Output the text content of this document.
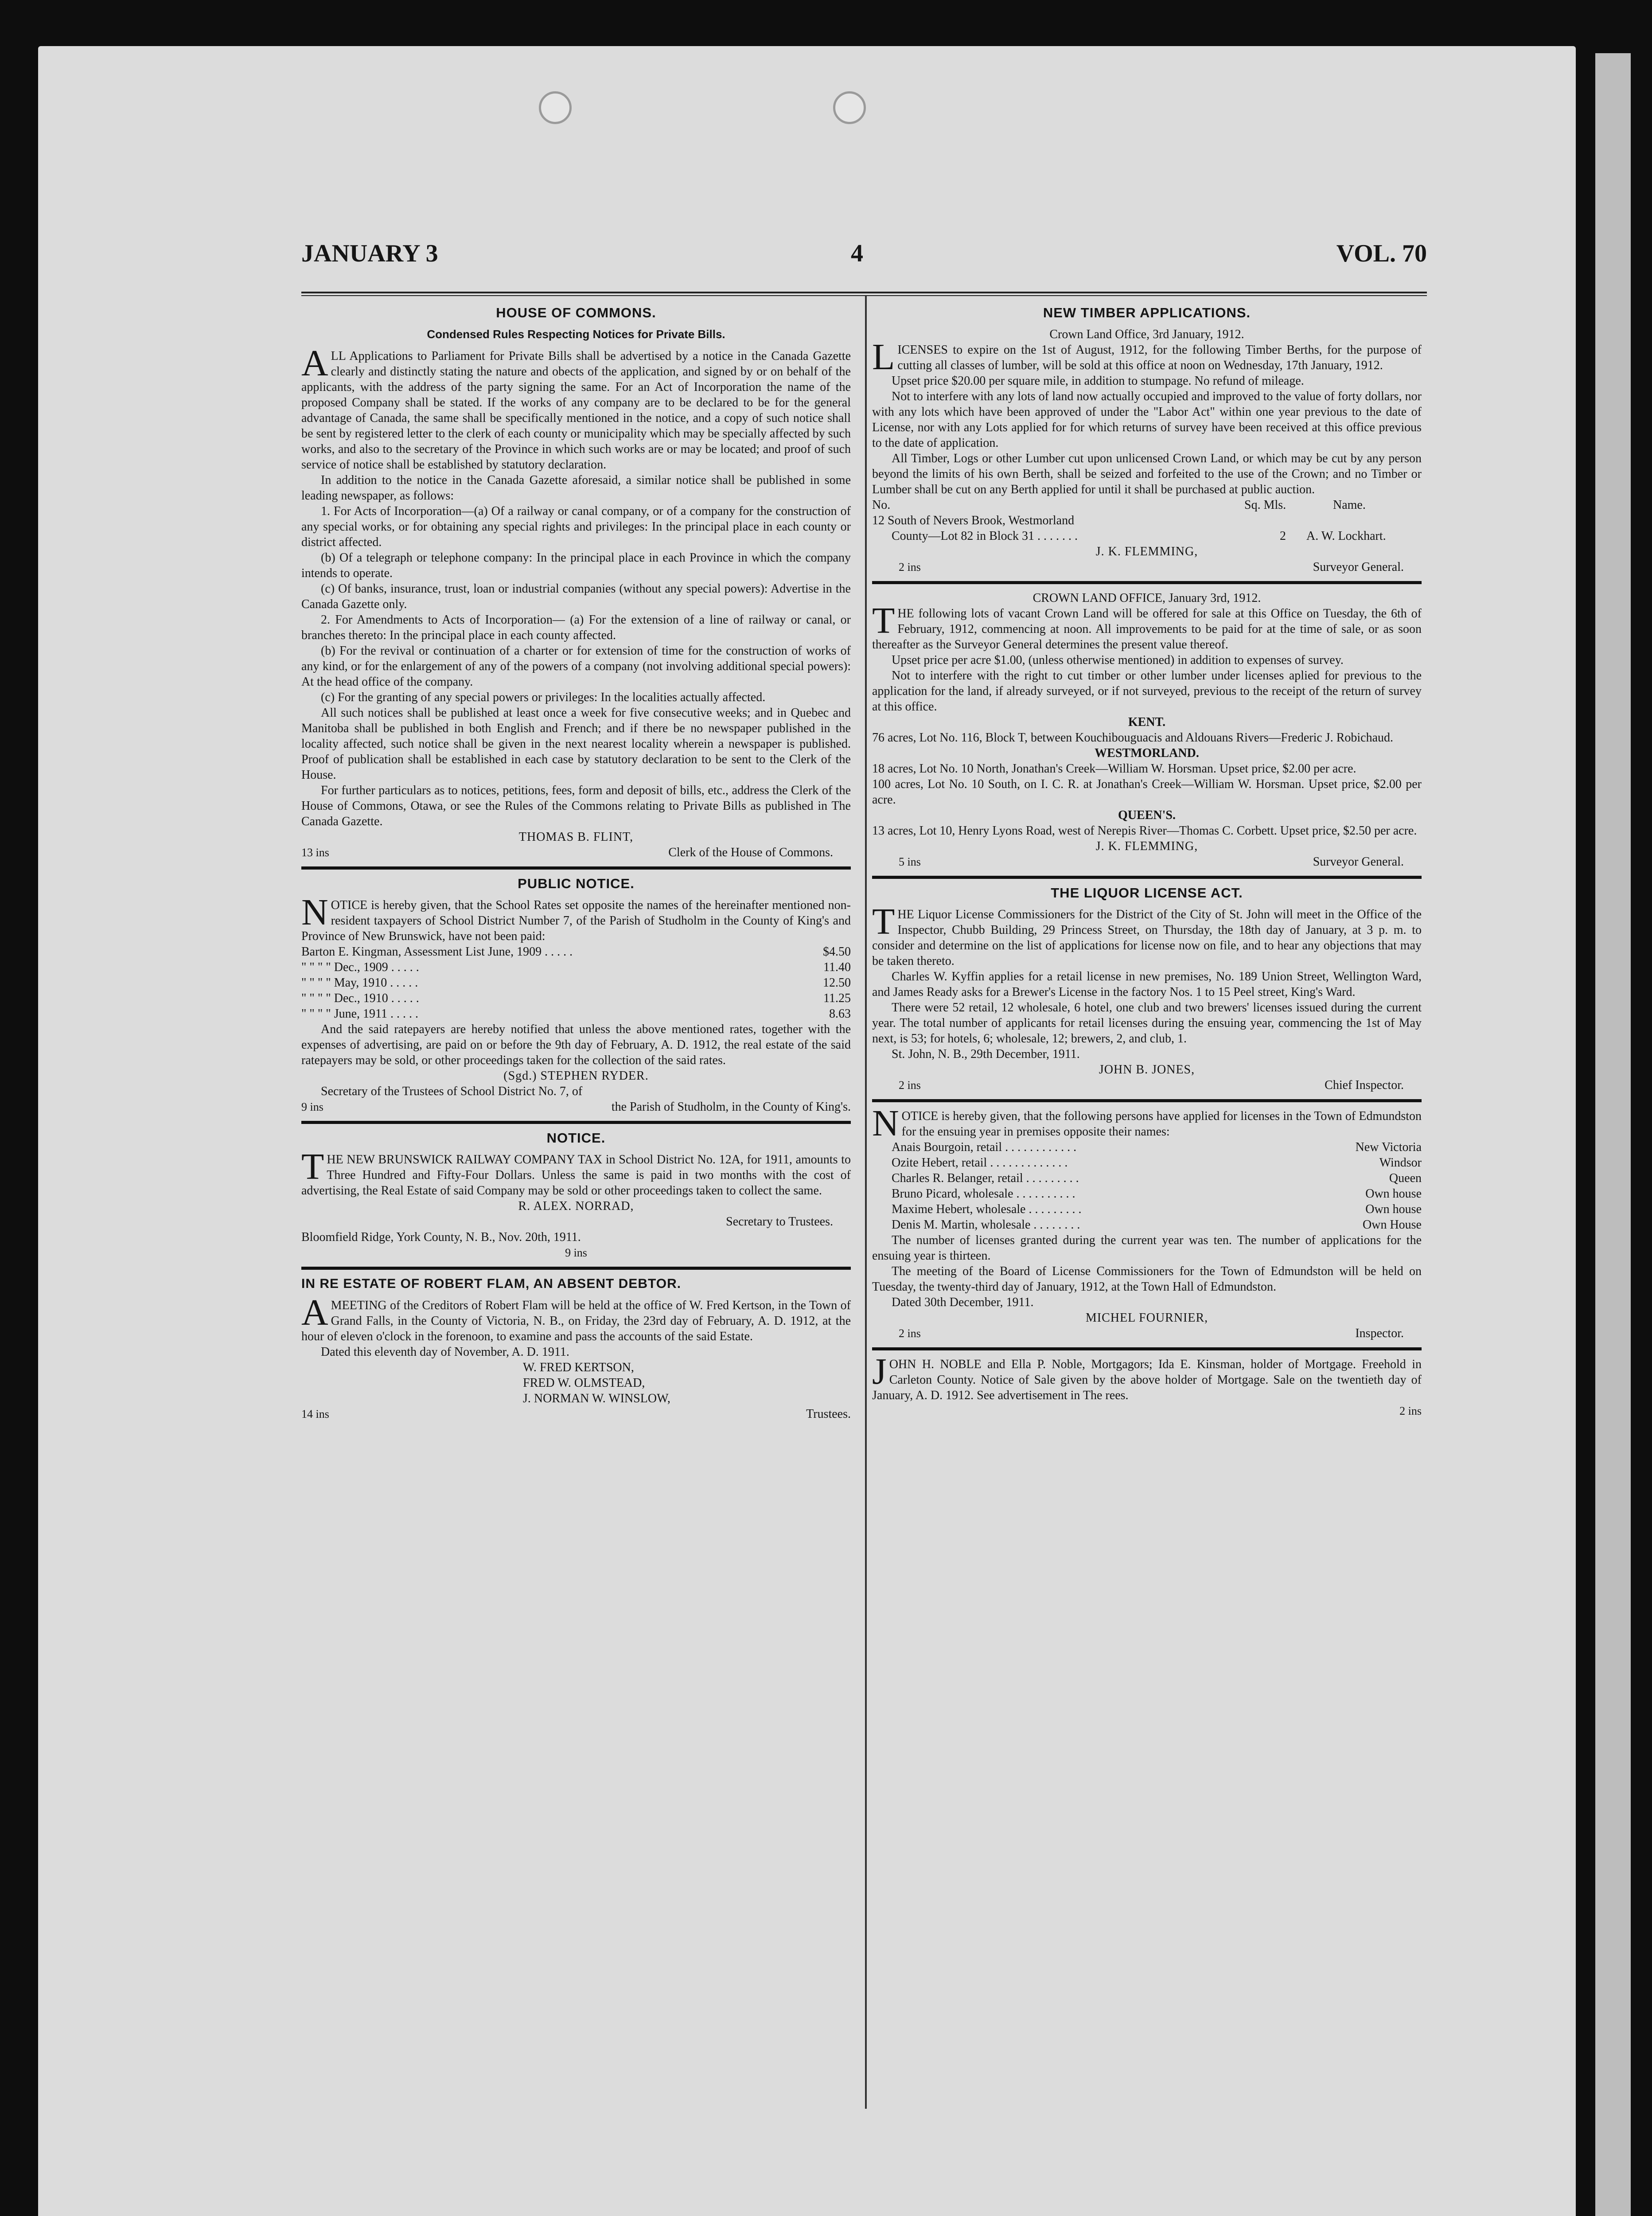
JANUARY 3	4	VOL. 70
HOUSE OF COMMONS.
Condensed Rules Respecting Notices for Private Bills.

ALL Applications to Parliament for Private Bills shall be advertised by a notice in the Canada Gazette clearly and distinctly stating the nature and obects of the application, and signed by or on behalf of the applicants, with the address of the party signing the same. For an Act of Incorporation the name of the proposed Company shall be stated. If the works of any company are to be declared to be for the general advantage of Canada, the same shall be specifically mentioned in the notice, and a copy of such notice shall be sent by registered letter to the clerk of each county or municipality which may be specially affected by such works, and also to the secretary of the Province in which such works are or may be located; and proof of such service of notice shall be established by statutory declaration.

In addition to the notice in the Canada Gazette aforesaid, a similar notice shall be published in some leading newspaper, as follows:

1. For Acts of Incorporation—(a) Of a railway or canal company, or of a company for the construction of any special works, or for obtaining any special rights and privileges: In the principal place in each county or district affected.

(b) Of a telegraph or telephone company: In the principal place in each Province in which the company intends to operate.

(c) Of banks, insurance, trust, loan or industrial companies (without any special powers): Advertise in the Canada Gazette only.

2. For Amendments to Acts of Incorporation— (a) For the extension of a line of railway or canal, or branches thereto: In the principal place in each county affected.

(b) For the revival or continuation of a charter or for extension of time for the construction of works of any kind, or for the enlargement of any of the powers of a company (not involving additional special powers): At the head office of the company.

(c) For the granting of any special powers or privileges: In the localities actually affected.

All such notices shall be published at least once a week for five consecutive weeks; and in Quebec and Manitoba shall be published in both English and French; and if there be no newspaper published in the locality affected, such notice shall be given in the next nearest locality wherein a newspaper is published. Proof of publication shall be established in each case by statutory declaration to be sent to the Clerk of the House.

For further particulars as to notices, petitions, fees, form and deposit of bills, etc., address the Clerk of the House of Commons, Otawa, or see the Rules of the Commons relating to Private Bills as published in The Canada Gazette.

THOMAS B. FLINT,
13 ins	Clerk of the House of Commons.
PUBLIC NOTICE.

NOTICE is hereby given, that the School Rates set opposite the names of the hereinafter mentioned non-resident taxpayers of School District Number 7, of the Parish of Studholm in the County of King's and Province of New Brunswick, have not been paid:

Barton E. Kingman, Assessment List June, 1909 . . . . .	$4.50
" " " " Dec., 1909 . . . . .	11.40
" " " " May, 1910 . . . . .	12.50
" " " " Dec., 1910 . . . . .	11.25
" " " " June, 1911 . . . . .	8.63

And the said ratepayers are hereby notified that unless the above mentioned rates, together with the expenses of advertising, are paid on or before the 9th day of February, A. D. 1912, the real estate of the said ratepayers may be sold, or other proceedings taken for the collection of the said rates.

(Sgd.) STEPHEN RYDER.

Secretary of the Trustees of School District No. 7, of

9 ins	the Parish of Studholm, in the County of King's.
NOTICE.

THE NEW BRUNSWICK RAILWAY COMPANY TAX in School District No. 12A, for 1911, amounts to Three Hundred and Fifty-Four Dollars. Unless the same is paid in two months with the cost of advertising, the Real Estate of said Company may be sold or other proceedings taken to collect the same.

R. ALEX. NORRAD,
Secretary to Trustees.

Bloomfield Ridge, York County, N. B., Nov. 20th, 1911.

9 ins
IN RE ESTATE OF ROBERT FLAM, AN ABSENT DEBTOR.

AMEETING of the Creditors of Robert Flam will be held at the office of W. Fred Kertson, in the Town of Grand Falls, in the County of Victoria, N. B., on Friday, the 23rd day of February, A. D. 1912, at the hour of eleven o'clock in the forenoon, to examine and pass the accounts of the said Estate.

Dated this eleventh day of November, A. D. 1911.

W. FRED KERTSON,
FRED W. OLMSTEAD,
J. NORMAN W. WINSLOW,
14 ins	Trustees.
NEW TIMBER APPLICATIONS.
Crown Land Office, 3rd January, 1912.

LICENSES to expire on the 1st of August, 1912, for the following Timber Berths, for the purpose of cutting all classes of lumber, will be sold at this office at noon on Wednesday, 17th January, 1912.

Upset price $20.00 per square mile, in addition to stumpage. No refund of mileage.

Not to interfere with any lots of land now actually occupied and improved to the value of forty dollars, nor with any lots which have been approved of under the "Labor Act" within one year previous to the date of License, nor with any Lots applied for for which returns of survey have been received at this office previous to the date of application.

All Timber, Logs or other Lumber cut upon unlicensed Crown Land, or which may be cut by any person beyond the limits of his own Berth, shall be seized and forfeited to the use of the Crown; and no Timber or Lumber shall be cut on any Berth applied for until it shall be purchased at public auction.

No.	Sq. Mls.	Name.

12 South of Nevers Brook, Westmorland

County—Lot 82 in Block 31 . . . . . . .	2	A. W. Lockhart.
J. K. FLEMMING,
2 ins	Surveyor General.
CROWN LAND OFFICE, January 3rd, 1912.

THE following lots of vacant Crown Land will be offered for sale at this Office on Tuesday, the 6th of February, 1912, commencing at noon. All improvements to be paid for at the time of sale, or as soon thereafter as the Surveyor General determines the present value thereof.

Upset price per acre $1.00, (unless otherwise mentioned) in addition to expenses of survey.

Not to interfere with the right to cut timber or other lumber under licenses aplied for previous to the application for the land, if already surveyed, or if not surveyed, previous to the receipt of the return of survey at this office.

KENT.

76 acres, Lot No. 116, Block T, between Kouchibouguacis and Aldouans Rivers—Frederic J. Robichaud.

WESTMORLAND.

18 acres, Lot No. 10 North, Jonathan's Creek—William W. Horsman. Upset price, $2.00 per acre.

100 acres, Lot No. 10 South, on I. C. R. at Jonathan's Creek—William W. Horsman. Upset price, $2.00 per acre.

QUEEN'S.

13 acres, Lot 10, Henry Lyons Road, west of Nerepis River—Thomas C. Corbett. Upset price, $2.50 per acre.

J. K. FLEMMING,
5 ins	Surveyor General.
THE LIQUOR LICENSE ACT.

THE Liquor License Commissioners for the District of the City of St. John will meet in the Office of the Inspector, Chubb Building, 29 Princess Street, on Thursday, the 18th day of January, at 3 p. m. to consider and determine on the list of applications for license now on file, and to hear any objections that may be taken thereto.

Charles W. Kyffin applies for a retail license in new premises, No. 189 Union Street, Wellington Ward, and James Ready asks for a Brewer's License in the factory Nos. 1 to 15 Peel street, King's Ward.

There were 52 retail, 12 wholesale, 6 hotel, one club and two brewers' licenses issued during the current year. The total number of applicants for retail licenses during the ensuing year, commencing the 1st of May next, is 53; for hotels, 6; wholesale, 12; brewers, 2, and club, 1.

St. John, N. B., 29th December, 1911.

JOHN B. JONES,
2 ins	Chief Inspector.

NOTICE is hereby given, that the following persons have applied for licenses in the Town of Edmundston for the ensuing year in premises opposite their names:

Anais Bourgoin, retail . . . . . . . . . . . .	New Victoria
Ozite Hebert, retail . . . . . . . . . . . . .	Windsor
Charles R. Belanger, retail . . . . . . . . .	Queen
Bruno Picard, wholesale . . . . . . . . . .	Own house
Maxime Hebert, wholesale . . . . . . . . .	Own house
Denis M. Martin, wholesale . . . . . . . .	Own House

The number of licenses granted during the current year was ten. The number of applications for the ensuing year is thirteen.

The meeting of the Board of License Commissioners for the Town of Edmundston will be held on Tuesday, the twenty-third day of January, 1912, at the Town Hall of Edmundston.

Dated 30th December, 1911.

MICHEL FOURNIER,
2 ins	Inspector.

JOHN H. NOBLE and Ella P. Noble, Mortgagors; Ida E. Kinsman, holder of Mortgage. Freehold in Carleton County. Notice of Sale given by the above holder of Mortgage. Sale on the twentieth day of January, A. D. 1912. See advertisement in The rees.

2 ins
